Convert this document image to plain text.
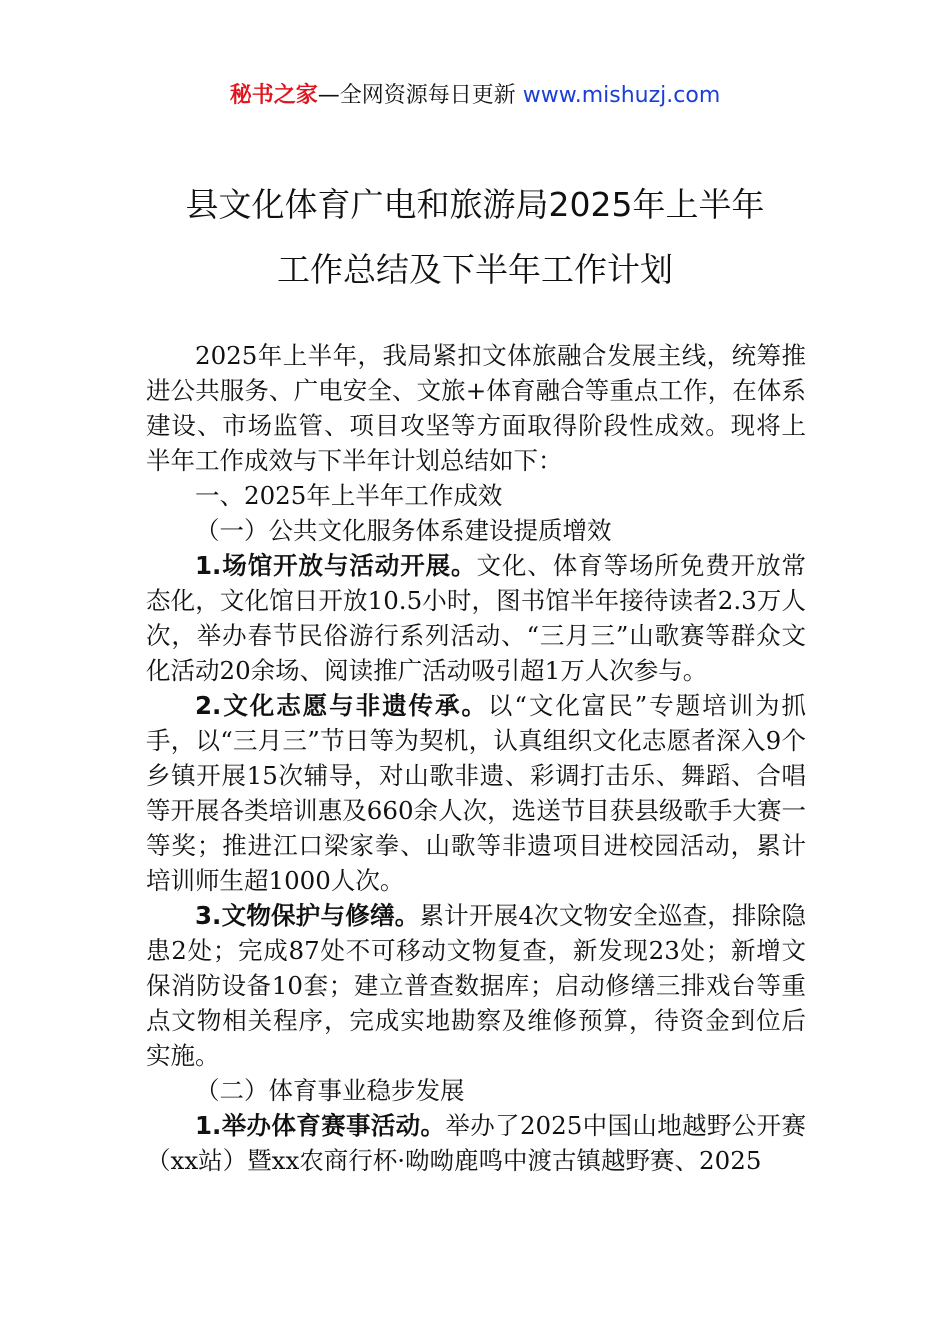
秘书之家—全网资源每日更新 www.mishuzj.com
县文化体育广电和旅游局2025年上半年
工作总结及下半年工作计划

2025年上半年，我局紧扣文体旅融合发展主线，统筹推进公共服务、广电安全、文旅+体育融合等重点工作，在体系建设、市场监管、项目攻坚等方面取得阶段性成效。现将上半年工作成效与下半年计划总结如下：

一、2025年上半年工作成效

（一）公共文化服务体系建设提质增效

1.场馆开放与活动开展。文化、体育等场所免费开放常态化，文化馆日开放10.5小时，图书馆半年接待读者2.3万人次，举办春节民俗游行系列活动、“三月三”山歌赛等群众文化活动20余场、阅读推广活动吸引超1万人次参与。

2.文化志愿与非遗传承。以“文化富民”专题培训为抓手，以“三月三”节日等为契机，认真组织文化志愿者深入9个乡镇开展15次辅导，对山歌非遗、彩调打击乐、舞蹈、合唱等开展各类培训惠及660余人次，选送节目获县级歌手大赛一等奖；推进江口梁家拳、山歌等非遗项目进校园活动，累计培训师生超1000人次。

3.文物保护与修缮。累计开展4次文物安全巡查，排除隐患2处；完成87处不可移动文物复查，新发现23处；新增文保消防设备10套；建立普查数据库；启动修缮三排戏台等重点文物相关程序，完成实地勘察及维修预算，待资金到位后实施。

（二）体育事业稳步发展

1.举办体育赛事活动。举办了2025中国山地越野公开赛（xx站）暨xx农商行杯·呦呦鹿鸣中渡古镇越野赛、2025
